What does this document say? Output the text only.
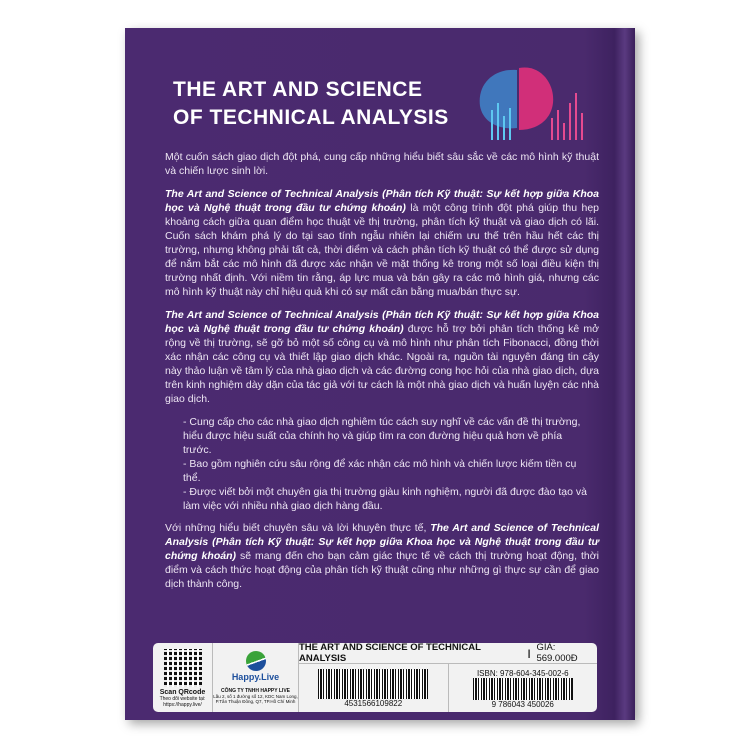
THE ART AND SCIENCE
OF TECHNICAL ANALYSIS

Một cuốn sách giao dịch đột phá, cung cấp những hiểu biết sâu sắc về các mô hình kỹ thuật và chiến lược sinh lời.

The Art and Science of Technical Analysis (Phân tích Kỹ thuật: Sự kết hợp giữa Khoa học và Nghệ thuật trong đầu tư chứng khoán) là một công trình đột phá giúp thu hẹp khoảng cách giữa quan điểm học thuật về thị trường, phân tích kỹ thuật và giao dịch có lãi. Cuốn sách khám phá lý do tại sao tính ngẫu nhiên lại chiếm ưu thế trên hầu hết các thị trường, nhưng không phải tất cả, thời điểm và cách phân tích kỹ thuật có thể được sử dụng để nắm bắt các mô hình đã được xác nhận về mặt thống kê trong một số loại điều kiện thị trường nhất định. Với niềm tin rằng, áp lực mua và bán gây ra các mô hình giá, nhưng các mô hình kỹ thuật này chỉ hiệu quả khi có sự mất cân bằng mua/bán thực sự.

The Art and Science of Technical Analysis (Phân tích Kỹ thuật: Sự kết hợp giữa Khoa học và Nghệ thuật trong đầu tư chứng khoán) được hỗ trợ bởi phân tích thống kê mở rộng về thị trường, sẽ gỡ bỏ một số công cụ và mô hình như phân tích Fibonacci, đồng thời xác nhận các công cụ và thiết lập giao dịch khác. Ngoài ra, nguồn tài nguyên đáng tin cậy này thảo luận về tâm lý của nhà giao dịch và các đường cong học hỏi của nhà giao dịch, dựa trên kinh nghiệm dày dặn của tác giả với tư cách là một nhà giao dịch và huấn luyện các nhà giao dịch.

- Cung cấp cho các nhà giao dịch nghiêm túc cách suy nghĩ về các vấn đề thị trường, hiểu được hiệu suất của chính họ và giúp tìm ra con đường hiệu quả hơn về phía trước.
- Bao gồm nghiên cứu sâu rộng để xác nhận các mô hình và chiến lược kiếm tiền cụ thể.
- Được viết bởi một chuyên gia thị trường giàu kinh nghiệm, người đã được đào tạo và làm việc với nhiều nhà giao dịch hàng đầu.

Với những hiểu biết chuyên sâu và lời khuyên thực tế, The Art and Science of Technical Analysis (Phân tích Kỹ thuật: Sự kết hợp giữa Khoa học và Nghệ thuật trong đầu tư chứng khoán) sẽ mang đến cho bạn cảm giác thực tế về cách thị trường hoạt động, thời điểm và cách thức hoạt động của phân tích kỹ thuật cũng như những gì thực sự cần để giao dịch thành công.

Scan QRcode
Theo dõi website tại: https://happy.live/
Happy.Live
CÔNG TY TNHH HAPPY LIVE
Lầu 2, số 1 đường số 12, KDC Nam Long, P.Tân Thuận Đông, Q7, TP.Hồ Chí Minh
THE ART AND SCIENCE OF TECHNICAL ANALYSIS	| GIÁ: 569.000Đ
4531566109822
ISBN: 978-604-345-002-6
9 786043 450026
